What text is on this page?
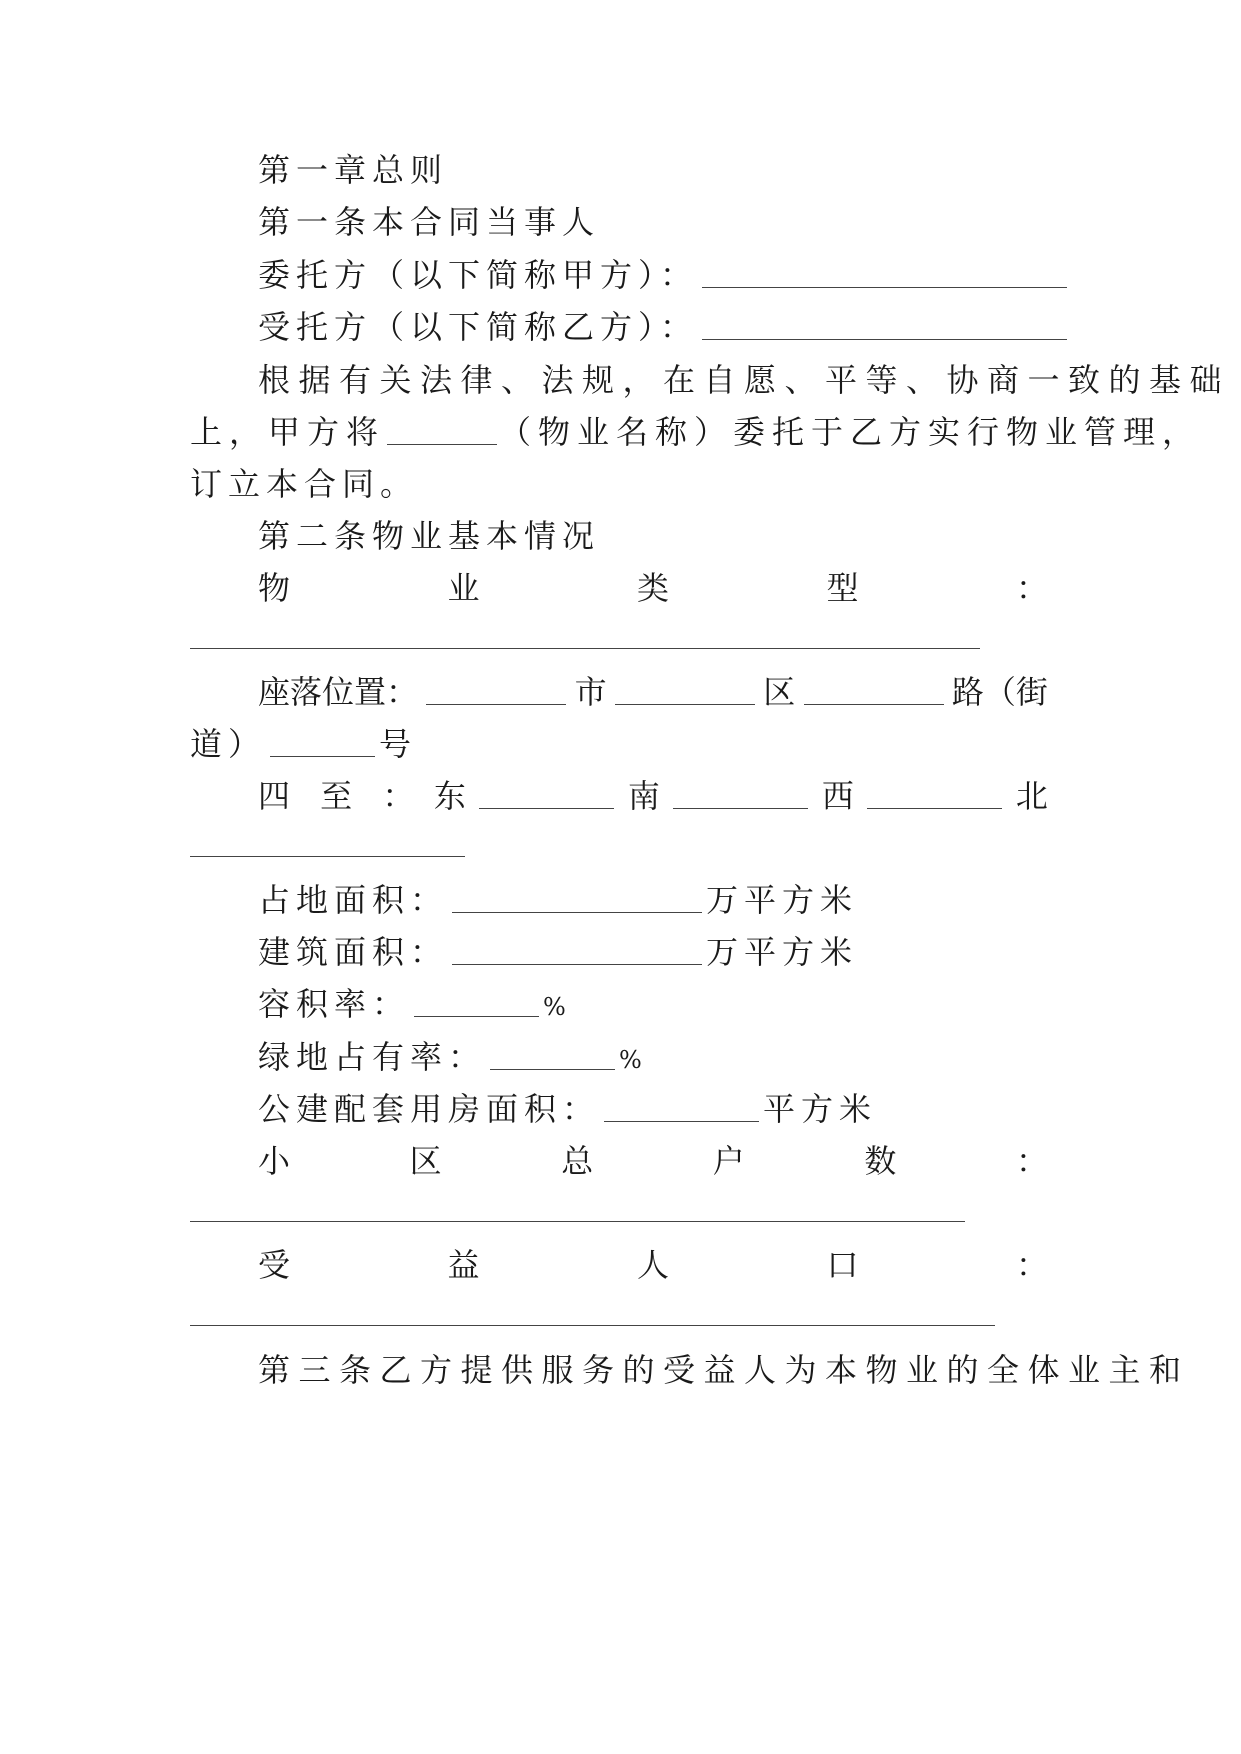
第一章总则
第一条本合同当事人
委托方（以下简称甲方）：
受托方（以下简称乙方）：
根据有关法律、法规，在自愿、平等、协商一致的基础
上，甲方将	（物业名称）委托于乙方实行物业管理，
订立本合同。
第二条物业基本情况
物	业	类	型	：
座落位置：	市	区	路（街
道）	号
四 至 ： 东	南	西	北
占地面积：	万平方米
建筑面积：	万平方米
容积率：	%
绿地占有率：	%
公建配套用房面积：	平方米
小	区	总	户	数	：
受	益	人	口	：
第三条乙方提供服务的受益人为本物业的全体业主和
